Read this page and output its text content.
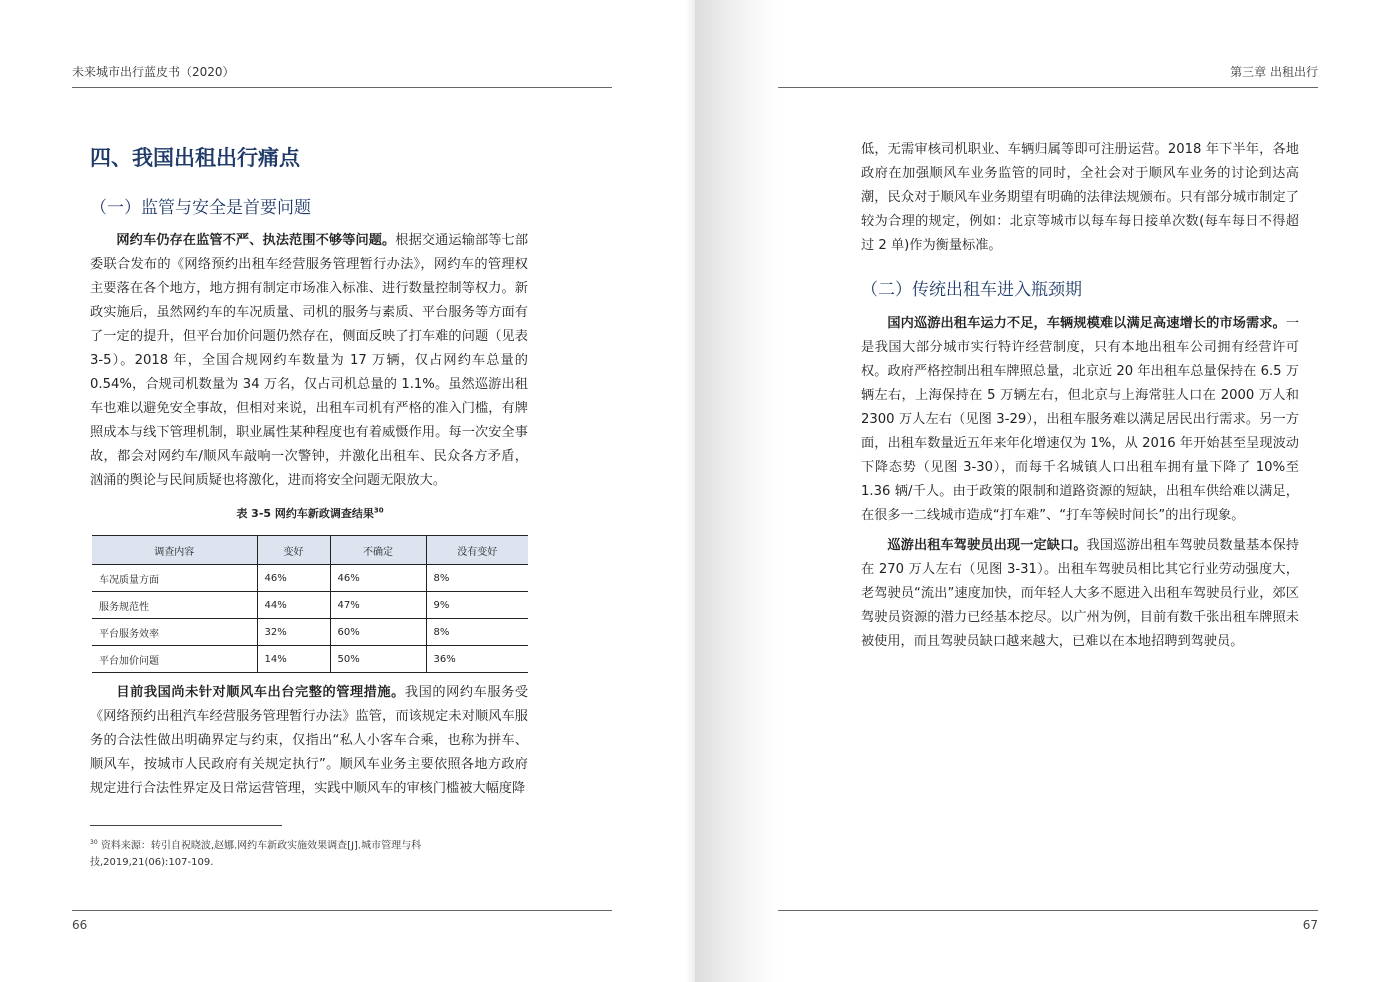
未来城市出行蓝皮书（2020）
四、我国出租出行痛点
（一）监管与安全是首要问题

网约车仍存在监管不严、执法范围不够等问题。根据交通运输部等七部委联合发布的《网络预约出租车经营服务管理暂行办法》，网约车的管理权主要落在各个地方，地方拥有制定市场准入标准、进行数量控制等权力。新政实施后，虽然网约车的车况质量、司机的服务与素质、平台服务等方面有了一定的提升，但平台加价问题仍然存在，侧面反映了打车难的问题（见表 3-5）。2018 年，全国合规网约车数量为 17 万辆，仅占网约车总量的 0.54%，合规司机数量为 34 万名，仅占司机总量的 1.1%。虽然巡游出租车也难以避免安全事故，但相对来说，出租车司机有严格的准入门槛，有牌照成本与线下管理机制，职业属性某种程度也有着威慑作用。每一次安全事故，都会对网约车/顺风车敲响一次警钟，并激化出租车、民众各方矛盾，汹涌的舆论与民间质疑也将激化，进而将安全问题无限放大。

表 3-5 网约车新政调查结果$^{30}$
调查内容	变好	不确定	没有变好
车况质量方面	46%	46%	8%
服务规范性	44%	47%	9%
平台服务效率	32%	60%	8%
平台加价问题	14%	50%	36%

目前我国尚未针对顺风车出台完整的管理措施。我国的网约车服务受《网络预约出租汽车经营服务管理暂行办法》监管，而该规定未对顺风车服务的合法性做出明确界定与约束，仅指出“私人小客车合乘，也称为拼车、顺风车，按城市人民政府有关规定执行”。顺风车业务主要依照各地方政府规定进行合法性界定及日常运营管理，实践中顺风车的审核门槛被大幅度降

$^{30}$ 资料来源：转引自祝晓波,赵娜.网约车新政实施效果调查[J].城市管理与科技,2019,21(06):107-109.
66
第三章 出租出行

低，无需审核司机职业、车辆归属等即可注册运营。2018 年下半年，各地政府在加强顺风车业务监管的同时，全社会对于顺风车业务的讨论到达高潮，民众对于顺风车业务期望有明确的法律法规颁布。只有部分城市制定了较为合理的规定，例如：北京等城市以每车每日接单次数(每车每日不得超过 2 单)作为衡量标准。

（二）传统出租车进入瓶颈期

国内巡游出租车运力不足，车辆规模难以满足高速增长的市场需求。一是我国大部分城市实行特许经营制度，只有本地出租车公司拥有经营许可权。政府严格控制出租车牌照总量，北京近 20 年出租车总量保持在 6.5 万辆左右，上海保持在 5 万辆左右，但北京与上海常驻人口在 2000 万人和 2300 万人左右（见图 3-29），出租车服务难以满足居民出行需求。另一方面，出租车数量近五年来年化增速仅为 1%，从 2016 年开始甚至呈现波动下降态势（见图 3-30），而每千名城镇人口出租车拥有量下降了 10%至 1.36 辆/千人。由于政策的限制和道路资源的短缺，出租车供给难以满足，在很多一二线城市造成“打车难”、“打车等候时间长”的出行现象。

巡游出租车驾驶员出现一定缺口。我国巡游出租车驾驶员数量基本保持在 270 万人左右（见图 3-31）。出租车驾驶员相比其它行业劳动强度大，老驾驶员“流出”速度加快，而年轻人大多不愿进入出租车驾驶员行业，郊区驾驶员资源的潜力已经基本挖尽。以广州为例，目前有数千张出租车牌照未被使用，而且驾驶员缺口越来越大，已难以在本地招聘到驾驶员。

67
